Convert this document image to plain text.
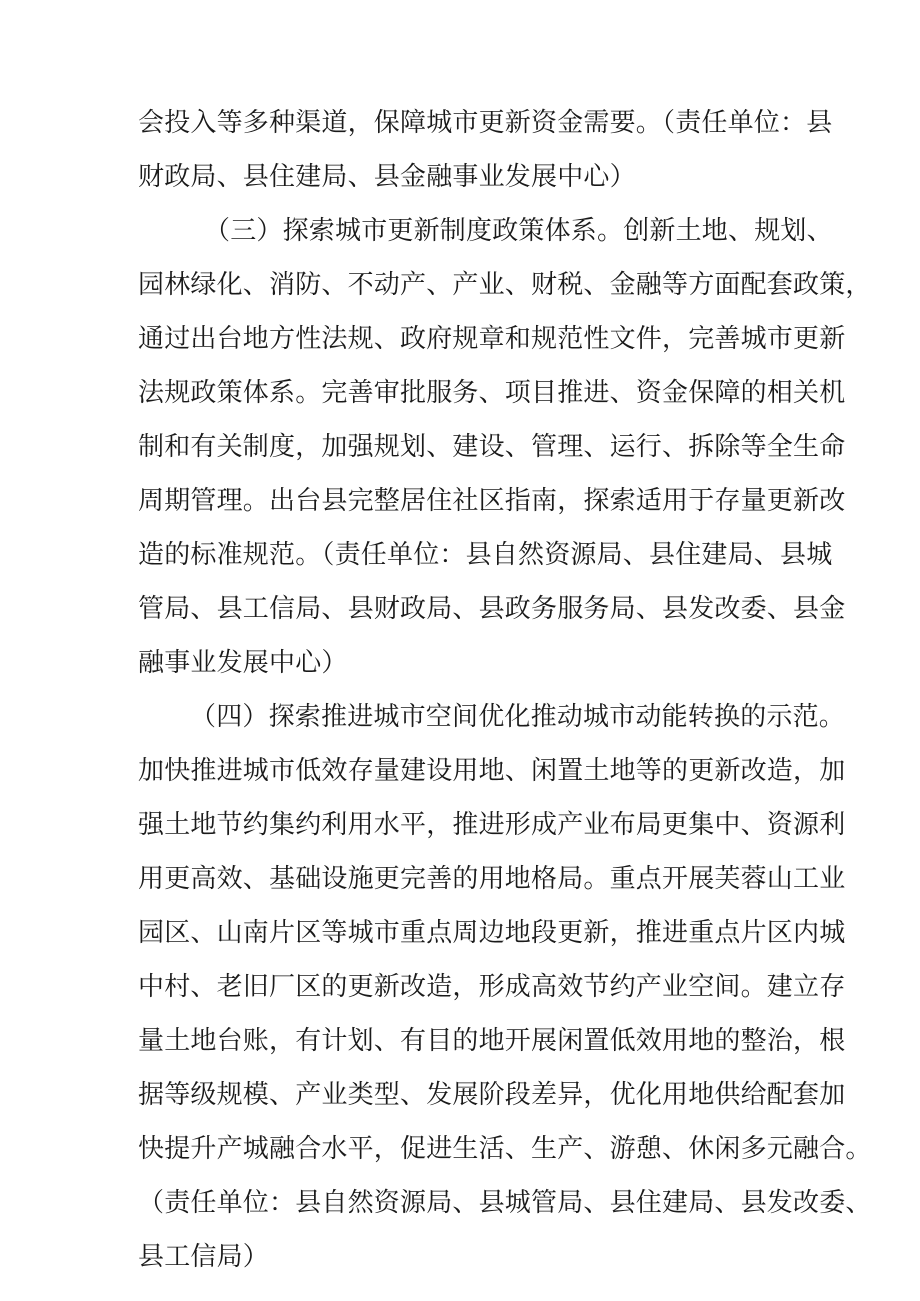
会投入等多种渠道，保障城市更新资金需要。（责任单位：县
财政局、县住建局、县金融事业发展中心）
（三）探索城市更新制度政策体系。创新土地、规划、
园林绿化、消防、不动产、产业、财税、金融等方面配套政策，
通过出台地方性法规、政府规章和规范性文件，完善城市更新
法规政策体系。完善审批服务、项目推进、资金保障的相关机
制和有关制度，加强规划、建设、管理、运行、拆除等全生命
周期管理。出台县完整居住社区指南，探索适用于存量更新改
造的标准规范。（责任单位：县自然资源局、县住建局、县城
管局、县工信局、县财政局、县政务服务局、县发改委、县金
融事业发展中心）
（四）探索推进城市空间优化推动城市动能转换的示范。
加快推进城市低效存量建设用地、闲置土地等的更新改造，加
强土地节约集约利用水平，推进形成产业布局更集中、资源利
用更高效、基础设施更完善的用地格局。重点开展芙蓉山工业
园区、山南片区等城市重点周边地段更新，推进重点片区内城
中村、老旧厂区的更新改造，形成高效节约产业空间。建立存
量土地台账，有计划、有目的地开展闲置低效用地的整治，根
据等级规模、产业类型、发展阶段差异，优化用地供给配套加
快提升产城融合水平，促进生活、生产、游憩、休闲多元融合。
（责任单位：县自然资源局、县城管局、县住建局、县发改委、
县工信局）
